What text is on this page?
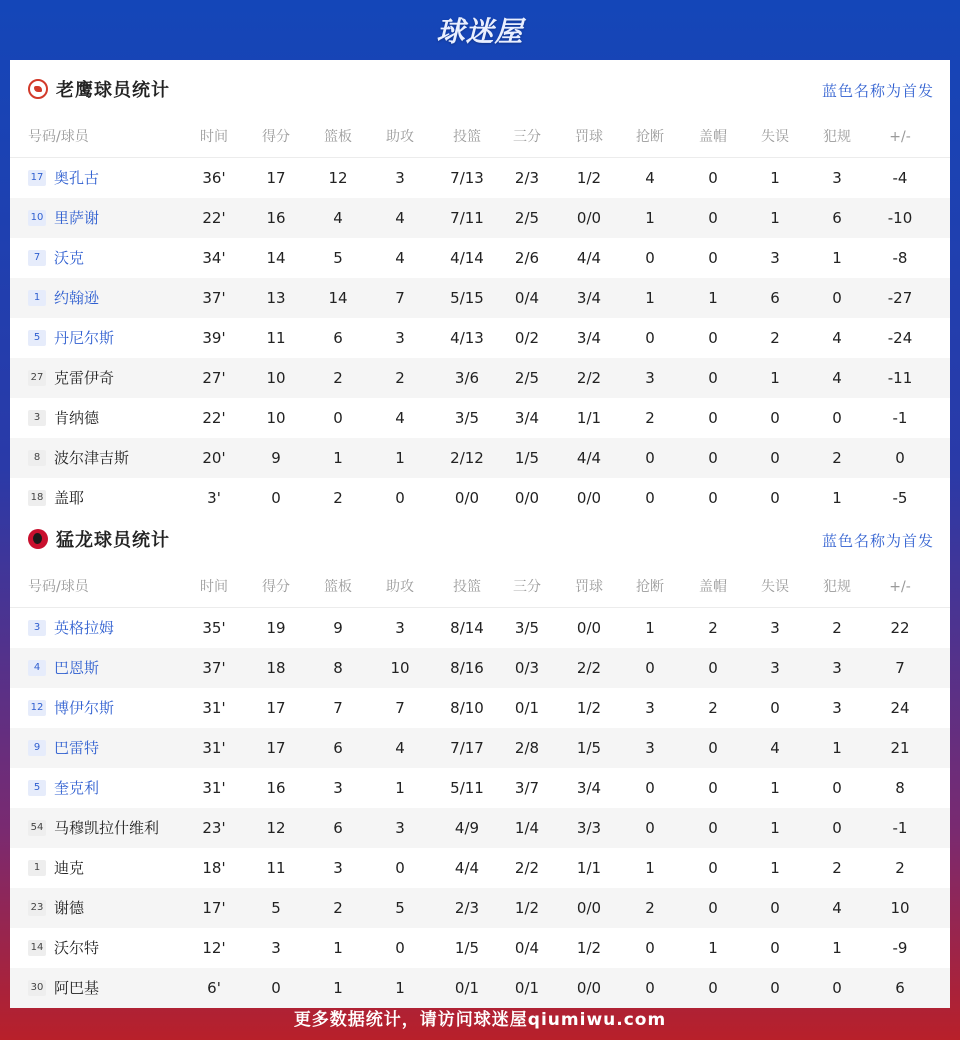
球迷屋
老鹰球员统计	蓝色名称为首发
号码/球员	时间	得分	篮板	助攻	投篮	三分	罚球	抢断	盖帽	失误	犯规	+/-
17 奥孔古	36'	17	12	3	7/13	2/3	1/2	4	0	1	3	-4
10 里萨谢	22'	16	4	4	7/11	2/5	0/0	1	0	1	6	-10
7 沃克	34'	14	5	4	4/14	2/6	4/4	0	0	3	1	-8
1 约翰逊	37'	13	14	7	5/15	0/4	3/4	1	1	6	0	-27
5 丹尼尔斯	39'	11	6	3	4/13	0/2	3/4	0	0	2	4	-24
27 克雷伊奇	27'	10	2	2	3/6	2/5	2/2	3	0	1	4	-11
3 肯纳德	22'	10	0	4	3/5	3/4	1/1	2	0	0	0	-1
8 波尔津吉斯	20'	9	1	1	2/12	1/5	4/4	0	0	0	2	0
18 盖耶	3'	0	2	0	0/0	0/0	0/0	0	0	0	1	-5
猛龙球员统计	蓝色名称为首发
号码/球员	时间	得分	篮板	助攻	投篮	三分	罚球	抢断	盖帽	失误	犯规	+/-
3 英格拉姆	35'	19	9	3	8/14	3/5	0/0	1	2	3	2	22
4 巴恩斯	37'	18	8	10	8/16	0/3	2/2	0	0	3	3	7
12 博伊尔斯	31'	17	7	7	8/10	0/1	1/2	3	2	0	3	24
9 巴雷特	31'	17	6	4	7/17	2/8	1/5	3	0	4	1	21
5 奎克利	31'	16	3	1	5/11	3/7	3/4	0	0	1	0	8
54 马穆凯拉什维利	23'	12	6	3	4/9	1/4	3/3	0	0	1	0	-1
1 迪克	18'	11	3	0	4/4	2/2	1/1	1	0	1	2	2
23 谢德	17'	5	2	5	2/3	1/2	0/0	2	0	0	4	10
14 沃尔特	12'	3	1	0	1/5	0/4	1/2	0	1	0	1	-9
30 阿巴基	6'	0	1	1	0/1	0/1	0/0	0	0	0	0	6
更多数据统计，请访问球迷屋qiumiwu.com
